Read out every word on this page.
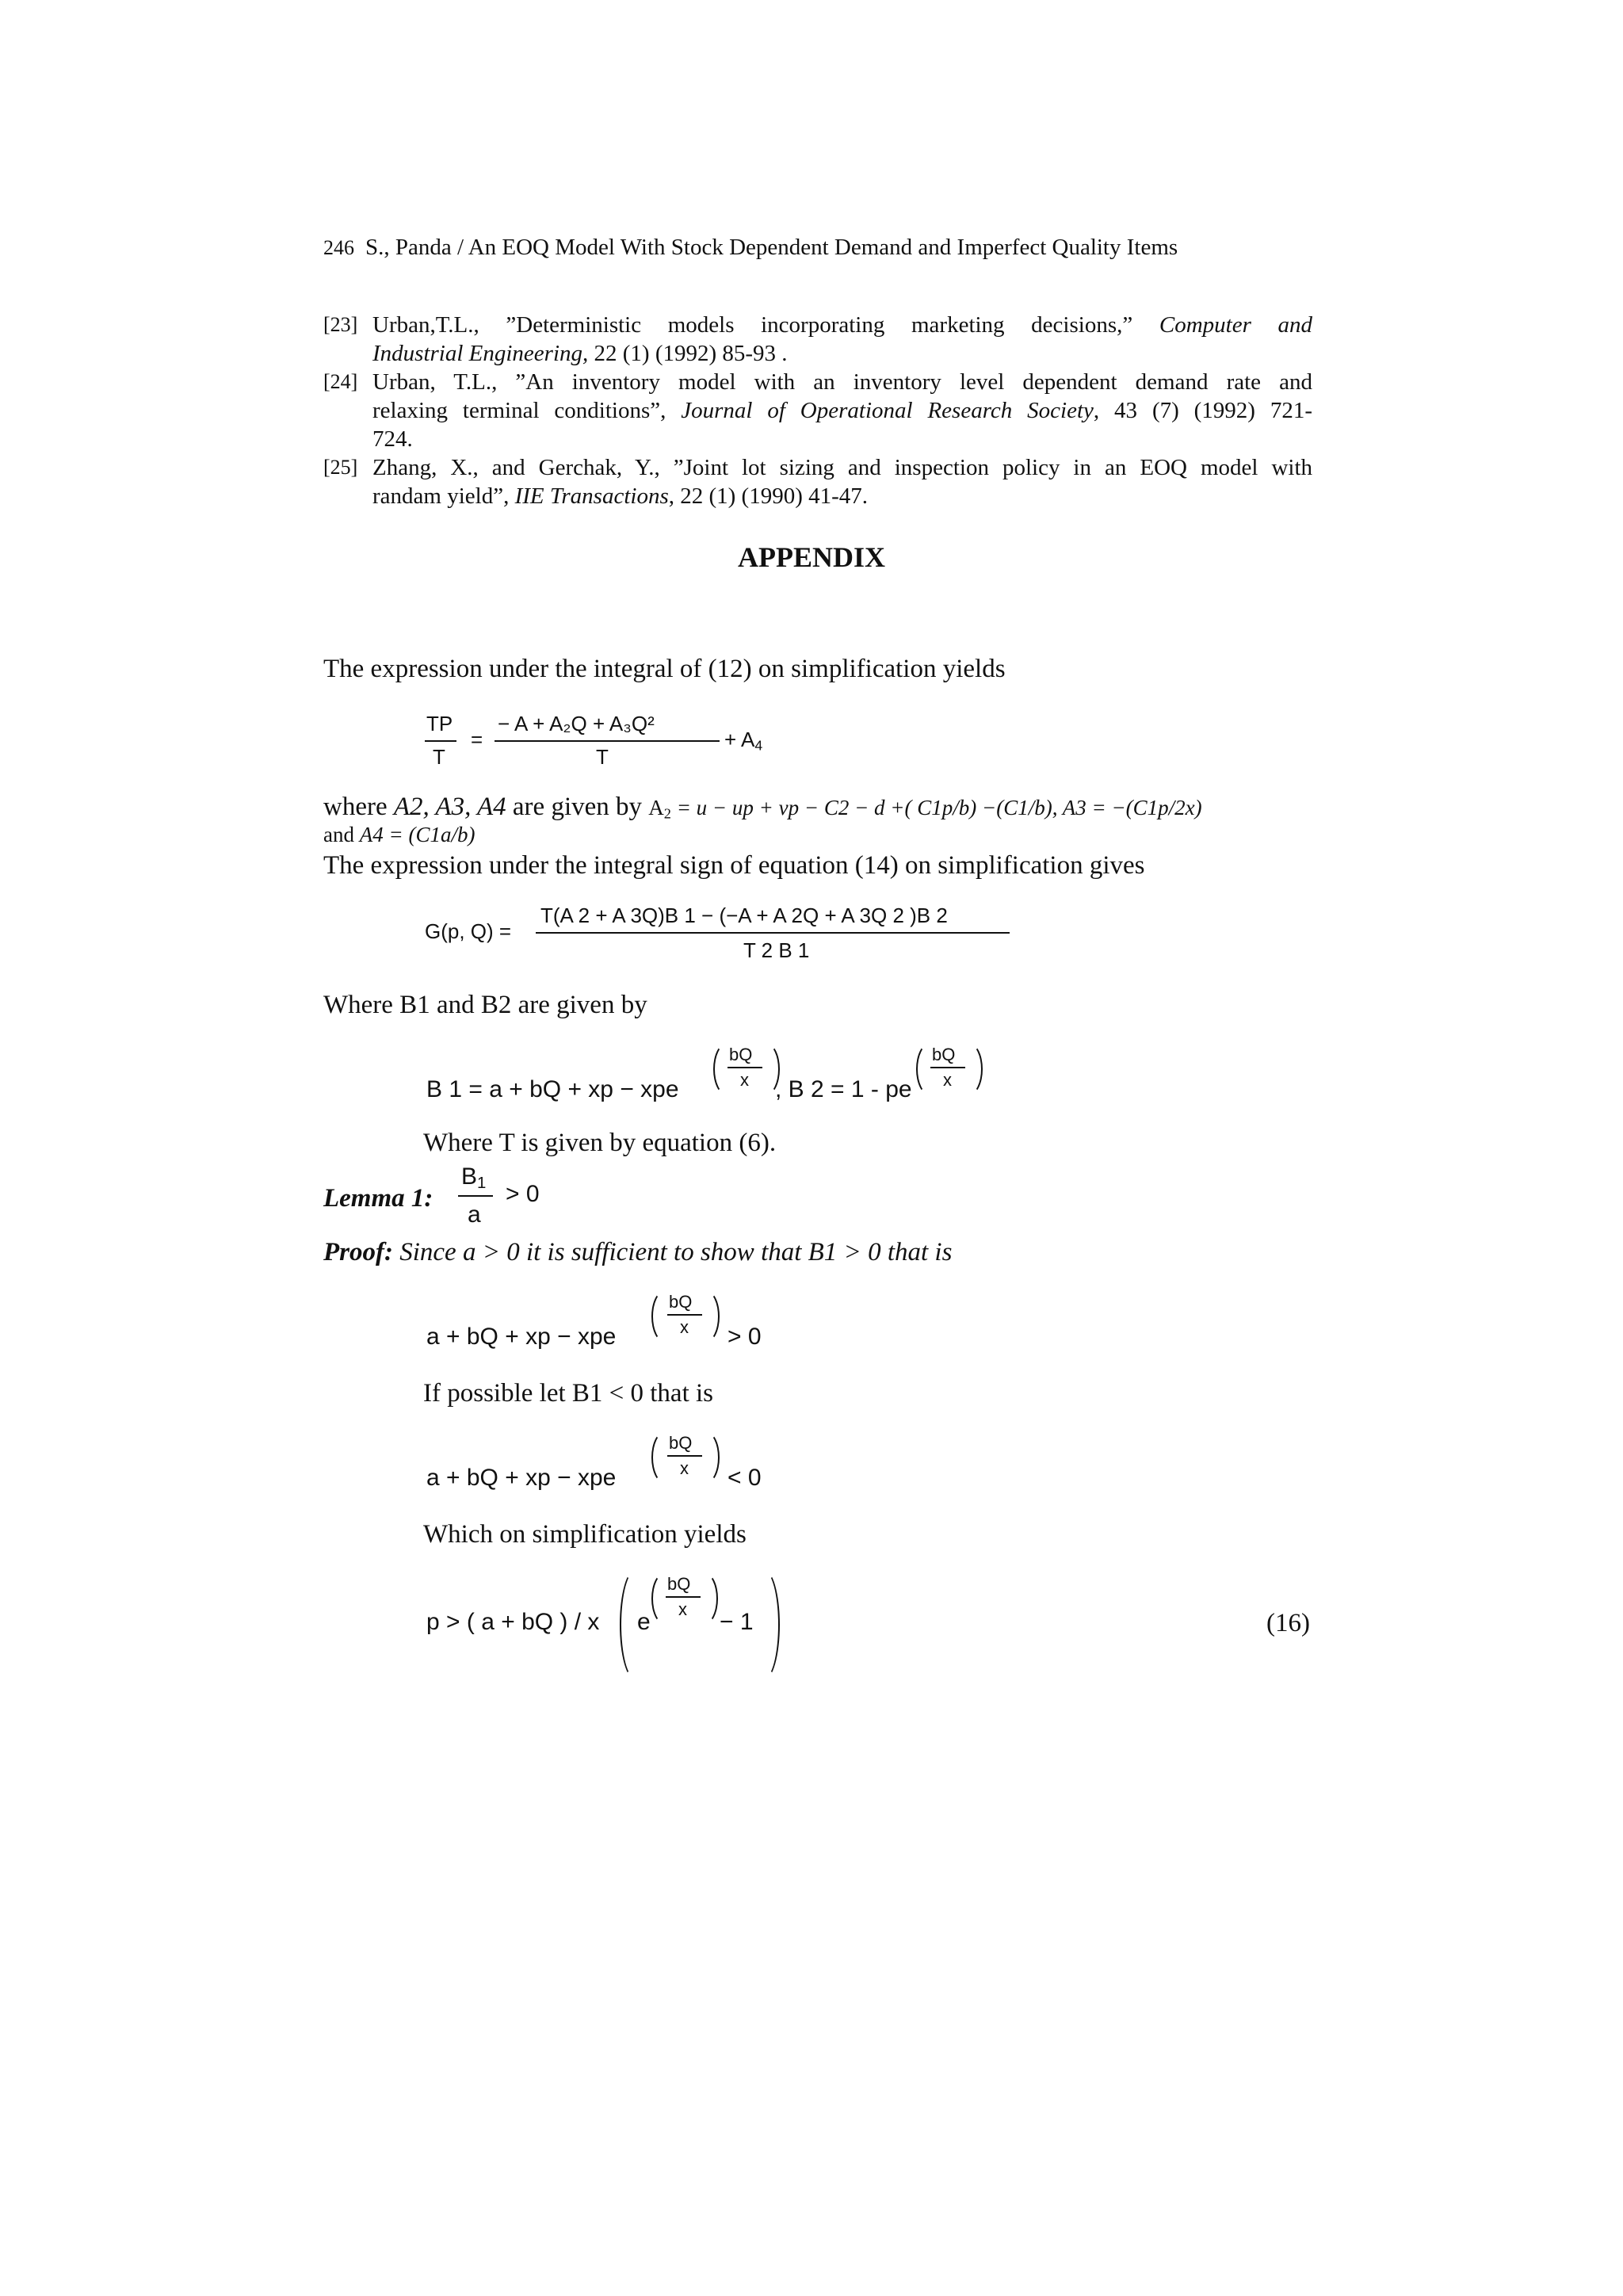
246 S., Panda / An EOQ Model With Stock Dependent Demand and Imperfect Quality Items
[23] Urban,T.L., ”Deterministic models incorporating marketing decisions,” Computer and
Industrial Engineering, 22 (1) (1992) 85-93 .
[24] Urban, T.L., ”An inventory model with an inventory level dependent demand rate and
relaxing terminal conditions”, Journal of Operational Research Society, 43 (7) (1992) 721-
724.
[25] Zhang, X., and Gerchak, Y., ”Joint lot sizing and inspection policy in an EOQ model with
randam yield”, IIE Transactions, 22 (1) (1990) 41-47.
APPENDIX
The expression under the integral of (12) on simplification yields
TP
T
=
− A + A₂Q + A₃Q²
T
+ $A_4$
where A2, A3, A4 are given by $A_2 = u$ − up + vp − C2 − d +( C1p/b) −(C1/b), A3 = −(C1p/2x)
and A4 = (C1a/b)
The expression under the integral sign of equation (14) on simplification gives
G(p, Q) =
T(A 2 + A 3Q)B 1 − (−A + A 2Q + A 3Q 2 )B 2
T 2 B 1
Where B1 and B2 are given by
B 1 = a + bQ + xp − xpe
bQ
x , B 2 = 1 - pe
bQ
x
Where T is given by equation (6).
Lemma 1:
$B_1$
a
> 0
Proof: Since a > 0 it is sufficient to show that B1 > 0 that is
a + bQ + xp − xpe
bQ
x > 0
If possible let B1 < 0 that is
a + bQ + xp − xpe
bQ
x < 0
Which on simplification yields
p > ( a + bQ ) / x e
bQ
x − 1	(16)
